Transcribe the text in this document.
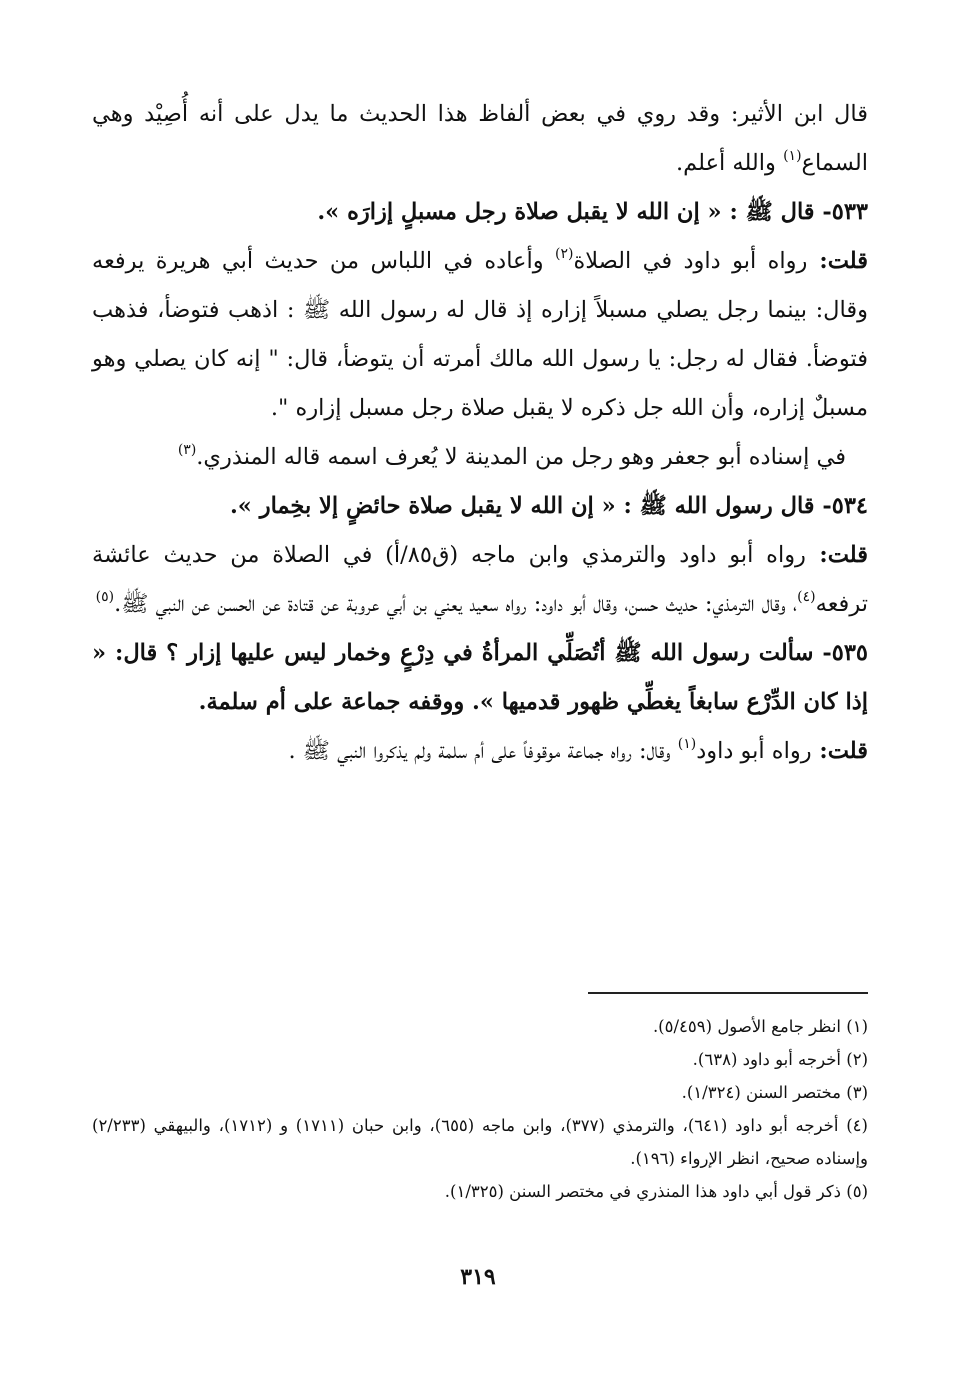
قال ابن الأثير: وقد روي في بعض ألفاظ هذا الحديث ما يدل على أنه أُصِيْد وهي السماع$^{(١)}$ والله أعلم.

٥٣٣- قال ﷺ : « إن الله لا يقبل صلاة رجل مسبلٍ إزارَه ».

قلت: رواه أبو داود في الصلاة$^{(٢)}$ وأعاده في اللباس من حديث أبي هريرة يرفعه وقال: بينما رجل يصلي مسبلاً إزاره إذ قال له رسول الله ﷺ : اذهب فتوضأ، فذهب فتوضأ. فقال له رجل: يا رسول الله مالك أمرته أن يتوضأ، قال: " إنه كان يصلي وهو مسبلٌ إزاره، وأن الله جل ذكره لا يقبل صلاة رجل مسبل إزاره ".

في إسناده أبو جعفر وهو رجل من المدينة لا يُعرف اسمه قاله المنذري.$^{(٣)}$

٥٣٤- قال رسول الله ﷺ : « إن الله لا يقبل صلاة حائضٍ إلا بخِمار ».

قلت: رواه أبو داود والترمذي وابن ماجه (ق٨٥/أ) في الصلاة من حديث عائشة ترفعه$^{(٤)}$، وقال الترمذي: حديث حسن، وقال أبو داود: رواه سعيد يعني بن أبي عروبة عن قتادة عن الحسن عن النبي ﷺ.$^{(٥)}$

٥٣٥- سألت رسول الله ﷺ أتُصَلِّي المرأةُ في دِرْعٍ وخمار ليس عليها إزار ؟ قال: « إذا كان الدِّرْع سابغاً يغطِّي ظهور قدميها ». ووقفه جماعة على أم سلمة.

قلت: رواه أبو داود$^{(١)}$ وقال: رواه جماعة موقوفاً على أم سلمة ولم يذكروا النبي ﷺ .

(١) انظر جامع الأصول (٥/٤٥٩).

(٢) أخرجه أبو داود (٦٣٨).

(٣) مختصر السنن (١/٣٢٤).

(٤) أخرجه أبو داود (٦٤١)، والترمذي (٣٧٧)، وابن ماجه (٦٥٥)، وابن حبان (١٧١١) و (١٧١٢)، والبيهقي (٢/٢٣٣) وإسناده صحيح، انظر الإرواء (١٩٦).

(٥) ذكر قول أبي داود هذا المنذري في مختصر السنن (١/٣٢٥).

٣١٩
